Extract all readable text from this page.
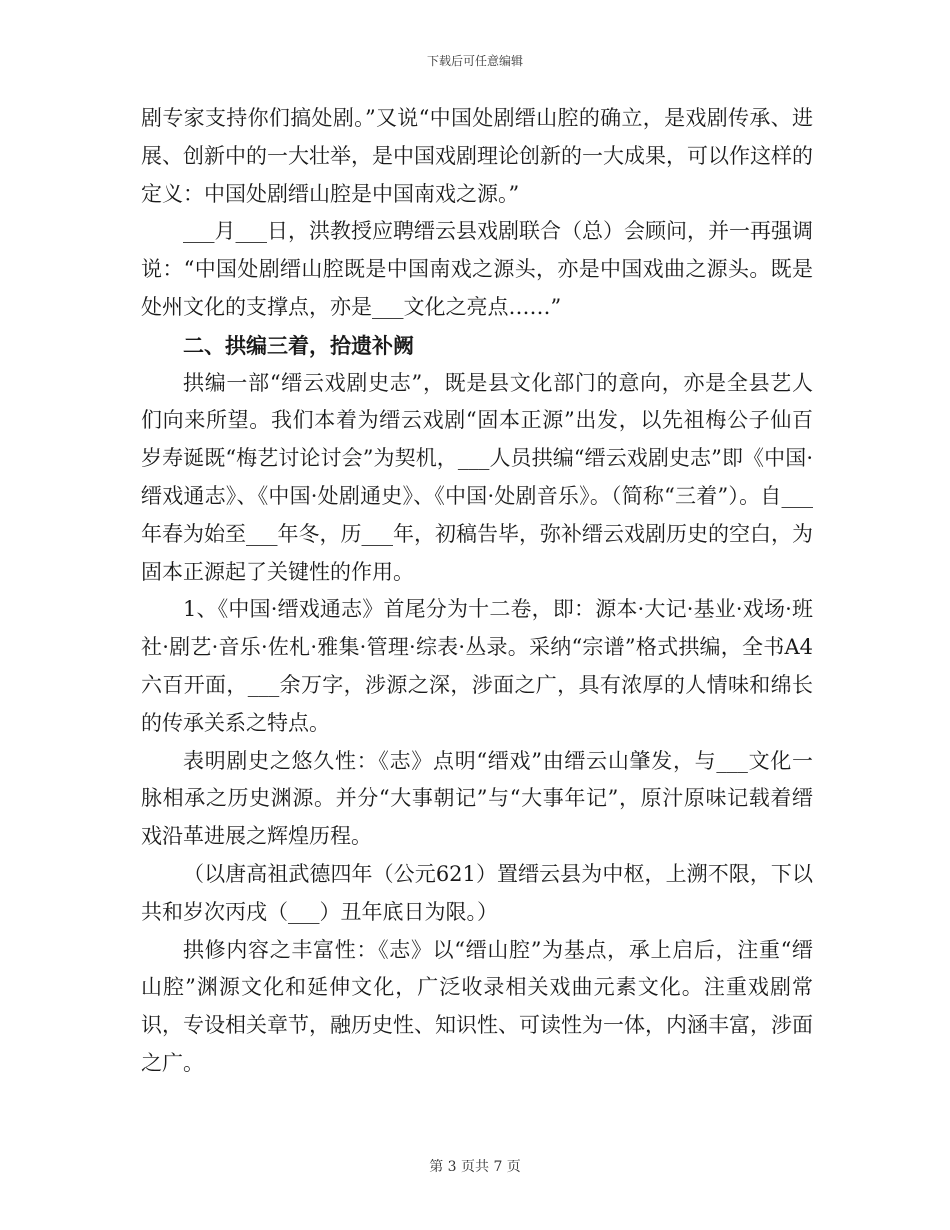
下载后可任意编辑

剧专家支持你们搞处剧。”又说“中国处剧缙山腔的确立，是戏剧传承、进展、创新中的一大壮举，是中国戏剧理论创新的一大成果，可以作这样的定义：中国处剧缙山腔是中国南戏之源。”

___月___日，洪教授应聘缙云县戏剧联合（总）会顾问，并一再强调说：“中国处剧缙山腔既是中国南戏之源头，亦是中国戏曲之源头。既是处州文化的支撑点，亦是___文化之亮点……”

二、拱编三着，拾遗补阙

拱编一部“缙云戏剧史志”，既是县文化部门的意向，亦是全县艺人们向来所望。我们本着为缙云戏剧“固本正源”出发，以先祖梅公子仙百岁寿诞既“梅艺讨论讨会”为契机，___人员拱编“缙云戏剧史志”即《中国·缙戏通志》、《中国·处剧通史》、《中国·处剧音乐》。（简称“三着”）。自___年春为始至___年冬，历___年，初稿告毕，弥补缙云戏剧历史的空白，为固本正源起了关键性的作用。

1、《中国·缙戏通志》首尾分为十二卷，即：源本·大记·基业·戏场·班社·剧艺·音乐·佐札·雅集·管理·综表·丛录。采纳“宗谱”格式拱编，全书A4六百开面，___余万字，涉源之深，涉面之广，具有浓厚的人情味和绵长的传承关系之特点。

表明剧史之悠久性：《志》点明“缙戏”由缙云山肇发，与___文化一脉相承之历史渊源。并分“大事朝记”与“大事年记”，原汁原味记载着缙戏沿革进展之辉煌历程。

（以唐高祖武德四年（公元621）置缙云县为中枢，上溯不限，下以共和岁次丙戌（___）丑年底日为限。）

拱修内容之丰富性：《志》以“缙山腔”为基点，承上启后，注重“缙山腔”渊源文化和延伸文化，广泛收录相关戏曲元素文化。注重戏剧常识，专设相关章节，融历史性、知识性、可读性为一体，内涵丰富，涉面之广。

第 3 页共 7 页
